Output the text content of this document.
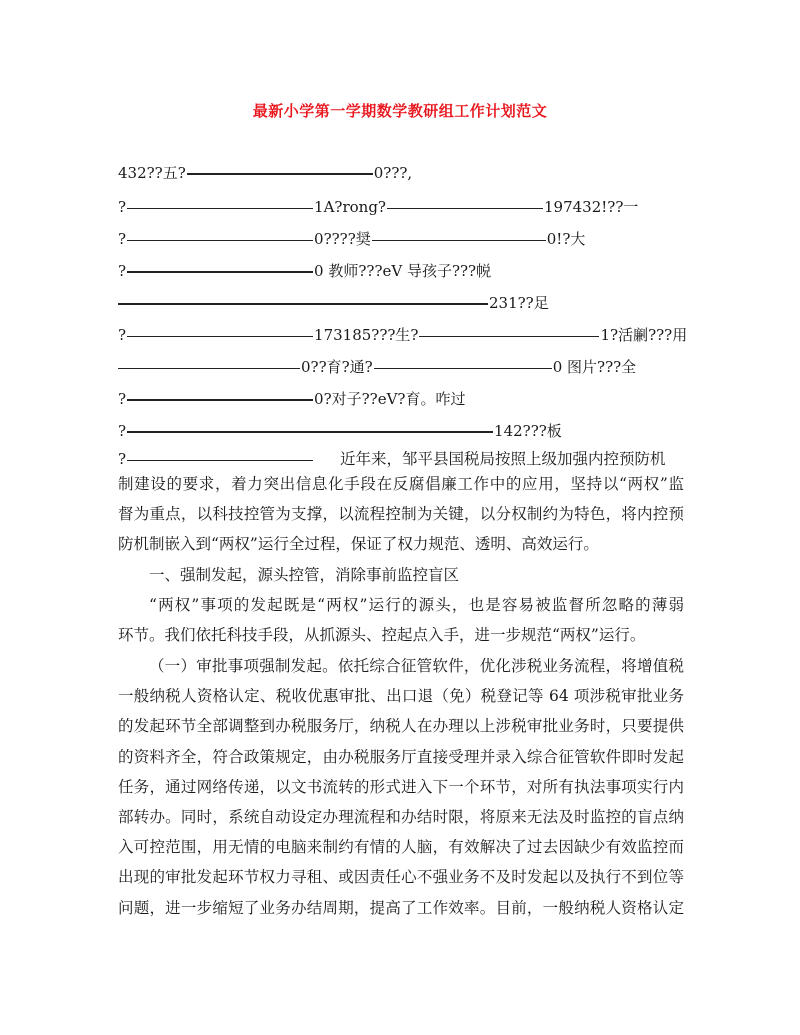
最新小学第一学期数学教研组工作计划范文
432??五?	0???,
?	1A?rong?	197432!??一
?	0????奨	0!?大
?	0 教师???eV 导孩子???帨
231??足
?	173185???生?	1?活劆???用
0??育?通?	0 图片???全
?	0?对子??eV?育。咋过
?	142???板
?	近年来，邹平县国税局按照上级加强内控预防机
制建设的要求，着力突出信息化手段在反腐倡廉工作中的应用，坚持以“两权”监
督为重点，以科技控管为支撑，以流程控制为关键，以分权制约为特色，将内控预
防机制嵌入到“两权”运行全过程，保证了权力规范、透明、高效运行。
一、强制发起，源头控管，消除事前监控盲区
“两权”事项的发起既是“两权”运行的源头，也是容易被监督所忽略的薄弱
环节。我们依托科技手段，从抓源头、控起点入手，进一步规范“两权”运行。
（一）审批事项强制发起。依托综合征管软件，优化涉税业务流程，将增值税
一般纳税人资格认定、税收优惠审批、出口退（免）税登记等 64 项涉税审批业务
的发起环节全部调整到办税服务厅，纳税人在办理以上涉税审批业务时，只要提供
的资料齐全，符合政策规定，由办税服务厅直接受理并录入综合征管软件即时发起
任务，通过网络传递，以文书流转的形式进入下一个环节，对所有执法事项实行内
部转办。同时，系统自动设定办理流程和办结时限，将原来无法及时监控的盲点纳
入可控范围，用无情的电脑来制约有情的人脑，有效解决了过去因缺少有效监控而
出现的审批发起环节权力寻租、或因责任心不强业务不及时发起以及执行不到位等
问题，进一步缩短了业务办结周期，提高了工作效率。目前，一般纳税人资格认定
